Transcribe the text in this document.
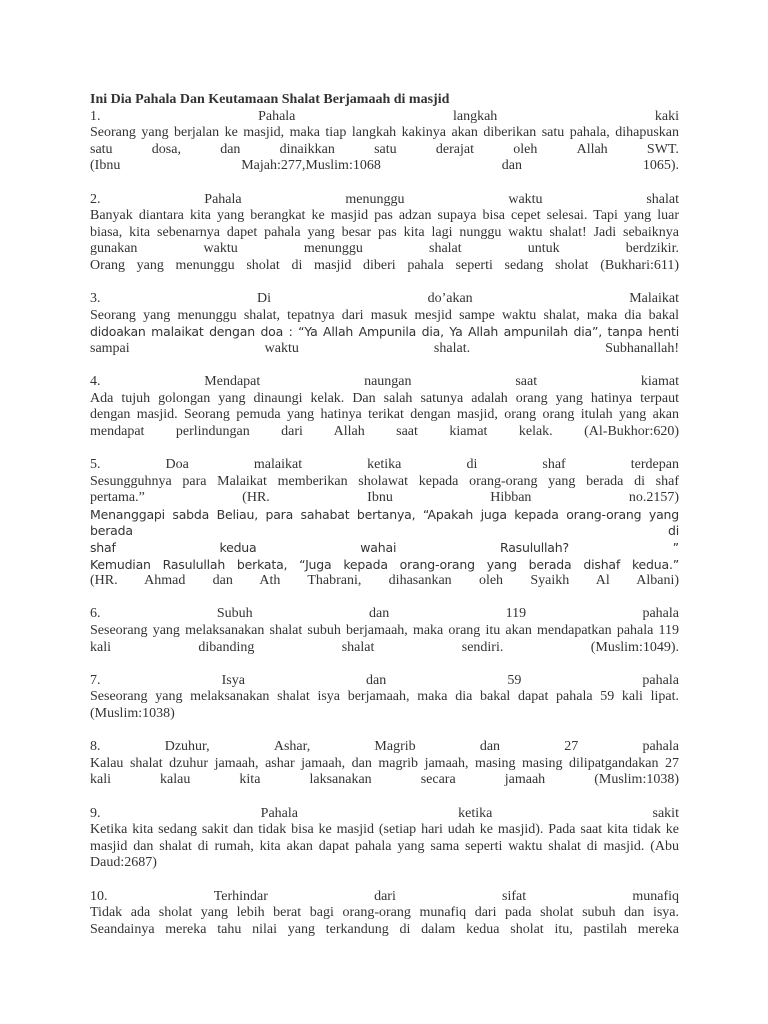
Ini Dia Pahala Dan Keutamaan Shalat Berjamaah di masjid
1.	Pahala	langkah	kaki
Seorang yang berjalan ke masjid, maka tiap langkah kakinya akan diberikan satu pahala, dihapuskan
satu	dosa,	dan	dinaikkan	satu	derajat	oleh	Allah	SWT.
(Ibnu Majah:277,Muslim:1068 dan 1065).
2.	Pahala	menunggu	waktu	shalat
Banyak diantara kita yang berangkat ke masjid pas adzan supaya bisa cepet selesai. Tapi yang luar
biasa, kita sebenarnya dapet pahala yang besar pas kita lagi nunggu waktu shalat! Jadi sebaiknya
gunakan	waktu	menunggu	shalat	untuk	berdzikir.
Orang yang menunggu sholat di masjid diberi pahala seperti sedang sholat (Bukhari:611)
3.	Di	do’akan	Malaikat
Seorang yang menunggu shalat, tepatnya dari masuk mesjid sampe waktu shalat, maka dia bakal
didoakan malaikat dengan doa : “Ya Allah Ampunila dia, Ya Allah ampunilah dia”, tanpa henti
sampai waktu shalat. Subhanallah!
4.	Mendapat	naungan	saat	kiamat
Ada tujuh golongan yang dinaungi kelak. Dan salah satunya adalah orang yang hatinya terpaut
dengan masjid. Seorang pemuda yang hatinya terikat dengan masjid, orang orang itulah yang akan
mendapat perlindungan dari Allah saat kiamat kelak. (Al-Bukhor:620)
5.	Doa	malaikat	ketika	di	shaf	terdepan
Sesungguhnya para Malaikat memberikan sholawat kepada orang-orang yang berada di shaf
pertama.”	(HR.	Ibnu	Hibban	no.2157)
Menanggapi sabda Beliau, para sahabat bertanya, “Apakah juga kepada orang-orang yang berada di
shaf	kedua	wahai	Rasulullah?	”
Kemudian Rasulullah berkata, “Juga kepada orang-orang yang berada dishaf kedua.”
(HR. Ahmad dan Ath Thabrani, dihasankan oleh Syaikh Al Albani)
6.	Subuh	dan	119	pahala
Seseorang yang melaksanakan shalat subuh berjamaah, maka orang itu akan mendapatkan pahala 119
kali dibanding shalat sendiri. (Muslim:1049).
7.	Isya	dan	59	pahala
Seseorang yang melaksanakan shalat isya berjamaah, maka dia bakal dapat pahala 59 kali lipat.
(Muslim:1038)
8.	Dzuhur,	Ashar,	Magrib	dan	27	pahala
Kalau shalat dzuhur jamaah, ashar jamaah, dan magrib jamaah, masing masing dilipatgandakan 27
kali kalau kita laksanakan secara jamaah (Muslim:1038)
9.	Pahala	ketika	sakit
Ketika kita sedang sakit dan tidak bisa ke masjid (setiap hari udah ke masjid). Pada saat kita tidak ke
masjid dan shalat di rumah, kita akan dapat pahala yang sama seperti waktu shalat di masjid. (Abu
Daud:2687)
10.	Terhindar	dari	sifat	munafiq
Tidak ada sholat yang lebih berat bagi orang-orang munafiq dari pada sholat subuh dan isya.
Seandainya mereka tahu nilai yang terkandung di dalam kedua sholat itu, pastilah mereka
